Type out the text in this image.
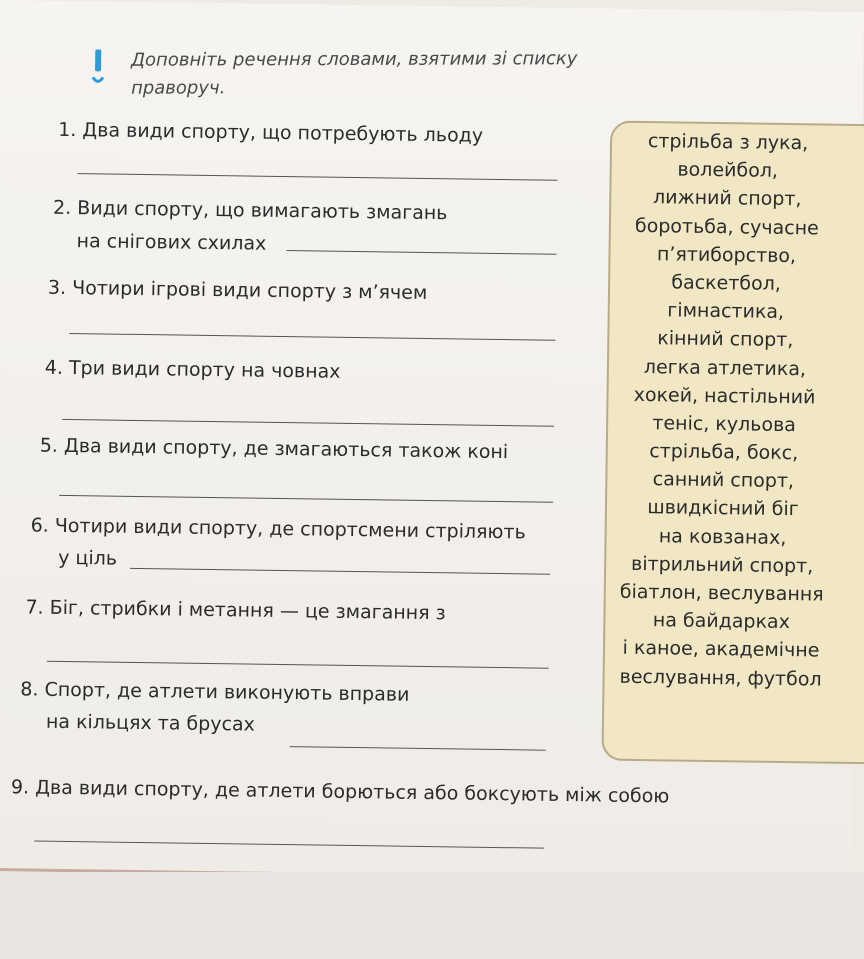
Доповніть речення словами, взятими зі списку
праворуч.
1. Два види спорту, що потребують льоду
2. Види спорту, що вимагають змагань
на снігових схилах
3. Чотири ігрові види спорту з м’ячем
4. Три види спорту на човнах
5. Два види спорту, де змагаються також коні
6. Чотири види спорту, де спортсмени стріляють
у ціль
7. Біг, стрибки і метання — це змагання з
8. Спорт, де атлети виконують вправи
на кільцях та брусах
9. Два види спорту, де атлети борються або боксують між собою
стрільба з лука,
волейбол,
лижний спорт,
боротьба, сучасне
п’ятиборство,
баскетбол,
гімнастика,
кінний спорт,
легка атлетика,
хокей, настільний
теніс, кульова
стрільба, бокс,
санний спорт,
швидкісний біг
на ковзанах,
вітрильний спорт,
біатлон, веслування
на байдарках
і каное, академічне
веслування, футбол
